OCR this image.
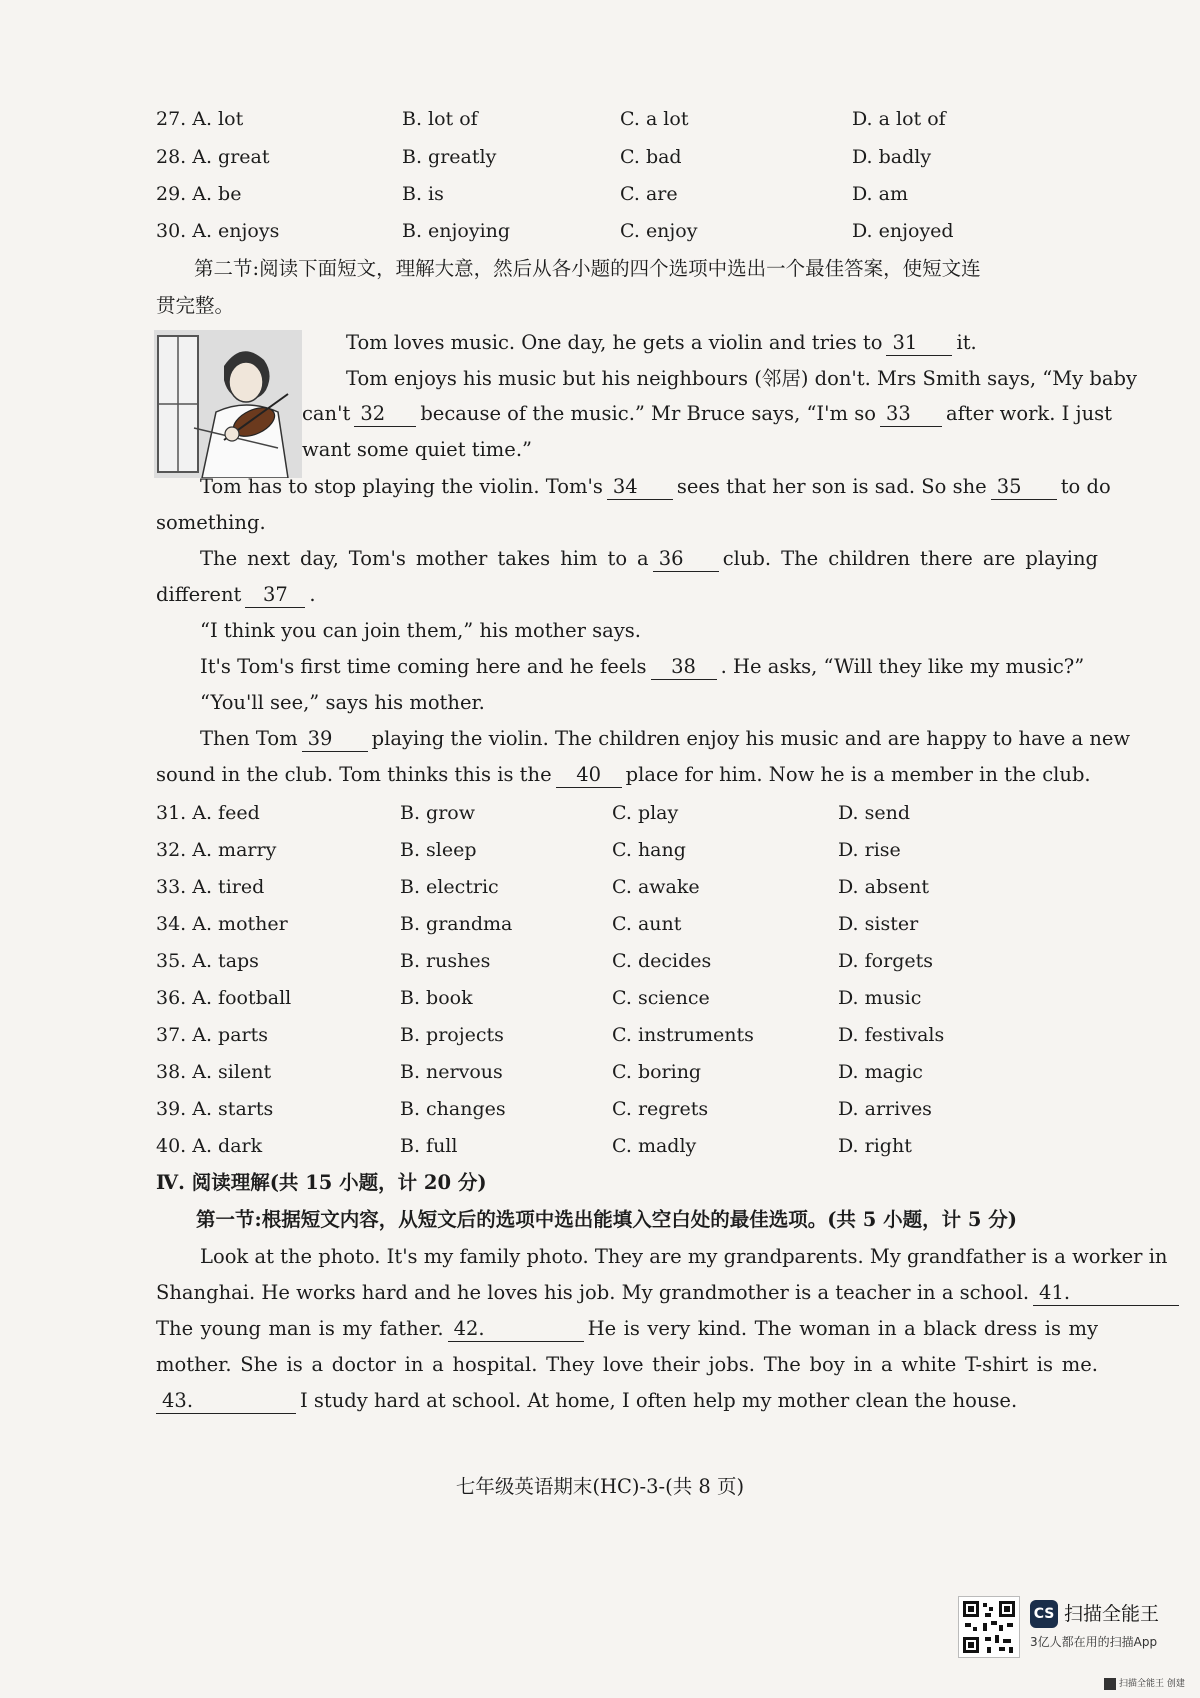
27. A. lot	B. lot of	C. a lot	D. a lot of
28. A. great	B. greatly	C. bad	D. badly
29. A. be	B. is	C. are	D. am
30. A. enjoys	B. enjoying	C. enjoy	D. enjoyed
第二节:阅读下面短文，理解大意，然后从各小题的四个选项中选出一个最佳答案，使短文连
贯完整。
Tom loves music. One day, he gets a violin and tries to 31 it.
Tom enjoys his music but his neighbours (邻居) don't. Mrs Smith says, “My baby
can't 32 because of the music.” Mr Bruce says, “I'm so 33 after work. I just
want some quiet time.”
Tom has to stop playing the violin. Tom's 34 sees that her son is sad. So she 35 to do
something.
The next day, Tom's mother takes him to a 36 club. The children there are playing
different 37 .
“I think you can join them,” his mother says.
It's Tom's first time coming here and he feels 38 . He asks, “Will they like my music?”
“You'll see,” says his mother.
Then Tom 39 playing the violin. The children enjoy his music and are happy to have a new
sound in the club. Tom thinks this is the 40 place for him. Now he is a member in the club.
31. A. feed	B. grow	C. play	D. send
32. A. marry	B. sleep	C. hang	D. rise
33. A. tired	B. electric	C. awake	D. absent
34. A. mother	B. grandma	C. aunt	D. sister
35. A. taps	B. rushes	C. decides	D. forgets
36. A. football	B. book	C. science	D. music
37. A. parts	B. projects	C. instruments	D. festivals
38. A. silent	B. nervous	C. boring	D. magic
39. A. starts	B. changes	C. regrets	D. arrives
40. A. dark	B. full	C. madly	D. right
Ⅳ. 阅读理解(共 15 小题，计 20 分)
第一节:根据短文内容，从短文后的选项中选出能填入空白处的最佳选项。(共 5 小题，计 5 分)
Look at the photo. It's my family photo. They are my grandparents. My grandfather is a worker in
Shanghai. He works hard and he loves his job. My grandmother is a teacher in a school. 41.
The young man is my father. 42.	He is very kind. The woman in a black dress is my
mother. She is a doctor in a hospital. They love their jobs. The boy in a white T-shirt is me.
43.	I study hard at school. At home, I often help my mother clean the house.
七年级英语期末(HC)-3-(共 8 页)
CS 扫描全能王
3亿人都在用的扫描App
扫描全能王 创建
